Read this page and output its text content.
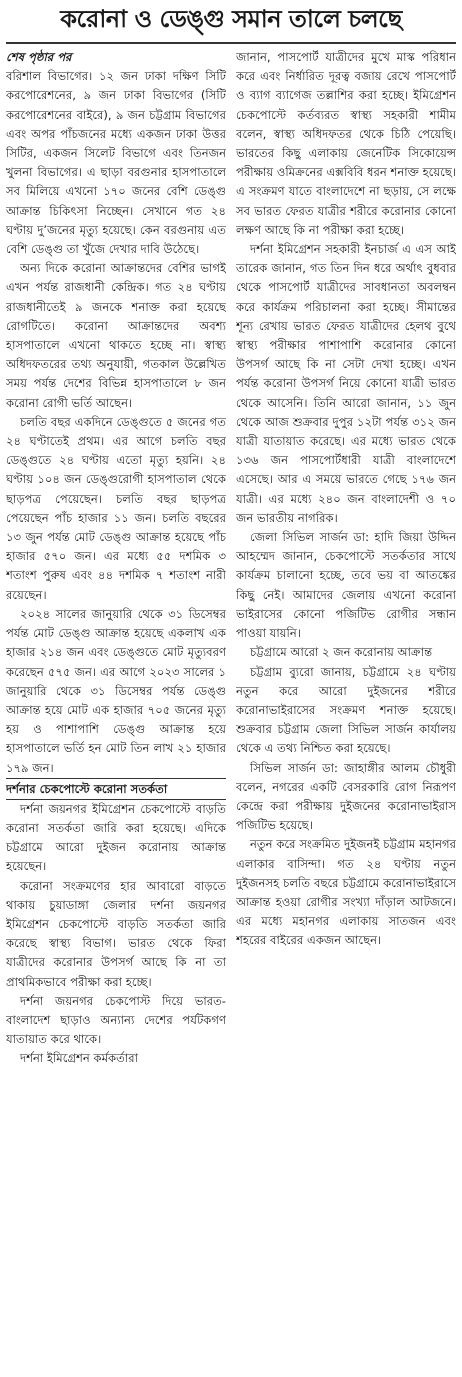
করোনা ও ডেঙ্গু সমান তালে চলছে

শেষ পৃষ্ঠার পর

বরিশাল বিভাগের। ১২ জন ঢাকা দক্ষিণ সিটি করপোরেশনের, ৯ জন ঢাকা বিভাগের (সিটি করপোরেশনের বাইরে), ৯ জন চট্টগ্রাম বিভাগের এবং অপর পাঁচজনের মধ্যে একজন ঢাকা উত্তর সিটির, একজন সিলেট বিভাগে এবং তিনজন খুলনা বিভাগের। এ ছাড়া বরগুনার হাসপাতালে সব মিলিয়ে এখনো ১৭০ জনের বেশি ডেঙ্গু আক্রান্ত চিকিৎসা নিচ্ছেন। সেখানে গত ২৪ ঘণ্টায় দু’জনের মৃত্যু হয়েছে। কেন বরগুনায় এত বেশি ডেঙ্গু তা খুঁজে দেখার দাবি উঠেছে।

অন্য দিকে করোনা আক্রান্তদের বেশির ভাগই এখন পর্যন্ত রাজধানী কেন্দ্রিক। গত ২৪ ঘণ্টায় রাজধানীতেই ৯ জনকে শনাক্ত করা হয়েছে রোগটিতে। করোনা আক্রান্তদের অবশ্য হাসপাতালে এখনো থাকতে হচ্ছে না। স্বাস্থ্য অধিদফতরের তথ্য অনুযায়ী, গতকাল উল্লেখিত সময় পর্যন্ত দেশের বিভিন্ন হাসপাতালে ৮ জন করোনা রোগী ভর্তি আছেন।

চলতি বছর একদিনে ডেঙ্গুতে ৫ জনের গত ২৪ ঘণ্টাতেই প্রথম। এর আগে চলতি বছর ডেঙ্গুতে ২৪ ঘণ্টায় এতো মৃত্যু হয়নি। ২৪ ঘণ্টায় ১০৪ জন ডেঙ্গুরোগী হাসপাতাল থেকে ছাড়পত্র পেয়েছেন। চলতি বছর ছাড়পত্র পেয়েছেন পাঁচ হাজার ১১ জন। চলতি বছরের ১৩ জুন পর্যন্ত মোট ডেঙ্গু আক্রান্ত হয়েছে পাঁচ হাজার ৫৭০ জন। এর মধ্যে ৫৫ দশমিক ৩ শতাংশ পুরুষ এবং ৪৪ দশমিক ৭ শতাংশ নারী রয়েছেন।

২০২৪ সালের জানুয়ারি থেকে ৩১ ডিসেম্বর পর্যন্ত মোট ডেঙ্গু আক্রান্ত হয়েছে একলাখ এক হাজার ২১৪ জন এবং ডেঙ্গুতে মোট মৃত্যুবরণ করেছেন ৫৭৫ জন। এর আগে ২০২৩ সালের ১ জানুয়ারি থেকে ৩১ ডিসেম্বর পর্যন্ত ডেঙ্গু আক্রান্ত হয়ে মোট এক হাজার ৭০৫ জনের মৃত্যু হয় ও পাশাপাশি ডেঙ্গু আক্রান্ত হয়ে হাসপাতালে ভর্তি হন মোট তিন লাখ ২১ হাজার ১৭৯ জন।

দর্শনার চেকপোস্টে করোনা সতর্কতা

দর্শনা জয়নগর ইমিগ্রেশন চেকপোস্টে বাড়তি করোনা সতর্কতা জারি করা হয়েছে। এদিকে চট্টগ্রামে আরো দুইজন করোনায় আক্রান্ত হয়েছেন।

করোনা সংক্রমণের হার আবারো বাড়তে থাকায় চুয়াডাঙ্গা জেলার দর্শনা জয়নগর ইমিগ্রেশন চেকপোস্টে বাড়তি সতর্কতা জারি করেছে স্বাস্থ্য বিভাগ। ভারত থেকে ফিরা যাত্রীদের করোনার উপসর্গ আছে কি না তা প্রাথমিকভাবে পরীক্ষা করা হচ্ছে।

দর্শনা জয়নগর চেকপোস্ট দিয়ে ভারত-বাংলাদেশ ছাড়াও অন্যান্য দেশের পর্যটকগণ যাতায়াত করে থাকে।

দর্শনা ইমিগ্রেশন কর্মকর্তারা

জানান, পাসপোর্ট যাত্রীদের মুখে মাস্ক পরিধান করে এবং নির্ধারিত দূরত্ব বজায় রেখে পাসপোর্ট ও ব্যাগ ব্যাগেজ তল্লাশির করা হচ্ছে। ইমিগ্রেশন চেকপোস্টে কর্তব্যরত স্বাস্থ্য সহকারী শামীম বলেন, স্বাস্থ্য অধিদফতর থেকে চিঠি পেয়েছি। ভারতের কিছু এলাকায় জেনেটিক সিকোয়েন্স পরীক্ষায় ওমিক্রনের এক্সবিবি ধরন শনাক্ত হয়েছে। এ সংক্রমণ যাতে বাংলাদেশে না ছড়ায়, সে লক্ষে সব ভারত ফেরত যাত্রীর শরীরে করোনার কোনো লক্ষণ আছে কি না পরীক্ষা করা হচ্ছে।

দর্শনা ইমিগ্রেশন সহকারী ইনচার্জ এ এস আই তারেক জানান, গত তিন দিন ধরে অর্থাৎ বুধবার থেকে পাসপোর্ট যাত্রীদের সাবধানতা অবলম্বন করে কার্যক্রম পরিচালনা করা হচ্ছে। সীমান্তের শূন্য রেখায় ভারত ফেরত যাত্রীদের হেলথ বুথে স্বাস্থ্য পরীক্ষার পাশাপাশি করোনার কোনো উপসর্গ আছে কি না সেটা দেখা হচ্ছে। এখন পর্যন্ত করোনা উপসর্গ নিয়ে কোনো যাত্রী ভারত থেকে আসেনি। তিনি আরো জানান, ১১ জুন থেকে আজ শুক্রবার দুপুর ১২টা পর্যন্ত ৩১২ জন যাত্রী যাতায়াত করেছে। এর মধ্যে ভারত থেকে ১৩৬ জন পাসপোর্টধারী যাত্রী বাংলাদেশে এসেছে। আর এ সময়ে ভারতে গেছে ১৭৬ জন যাত্রী। এর মধ্যে ২৪০ জন বাংলাদেশী ও ৭০ জন ভারতীয় নাগরিক।

জেলা সিভিল সার্জন ডা: হাদি জিয়া উদ্দিন আহম্মেদ জানান, চেকপোস্টে সতর্কতার সাথে কার্যক্রম চালানো হচ্ছে, তবে ভয় বা আতঙ্কের কিছু নেই। আমাদের জেলায় এখনো করোনা ভাইরাসের কোনো পজিটিভ রোগীর সন্ধান পাওয়া যায়নি।

চট্টগ্রামে আরো ২ জন করোনায় আক্রান্ত

চট্টগ্রাম ব্যুরো জানায়, চট্টগ্রামে ২৪ ঘণ্টায় নতুন করে আরো দুইজনের শরীরে করোনাভাইরাসের সংক্রমণ শনাক্ত হয়েছে। শুক্রবার চট্টগ্রাম জেলা সিভিল সার্জন কার্যালয় থেকে এ তথ্য নিশ্চিত করা হয়েছে।

সিভিল সার্জন ডা: জাহাঙ্গীর আলম চৌধুরী বলেন, নগরের একটি বেসরকারি রোগ নিরূপণ কেন্দ্রে করা পরীক্ষায় দুইজনের করোনাভাইরাস পজিটিভ হয়েছে।

নতুন করে সংক্রমিত দুইজনই চট্টগ্রাম মহানগর এলাকার বাসিন্দা। গত ২৪ ঘণ্টায় নতুন দুইজনসহ চলতি বছরে চট্টগ্রামে করোনাভাইরাসে আক্রান্ত হওয়া রোগীর সংখ্যা দাঁড়াল আটজনে। এর মধ্যে মহানগর এলাকায় সাতজন এবং শহরের বাইরের একজন আছেন।
